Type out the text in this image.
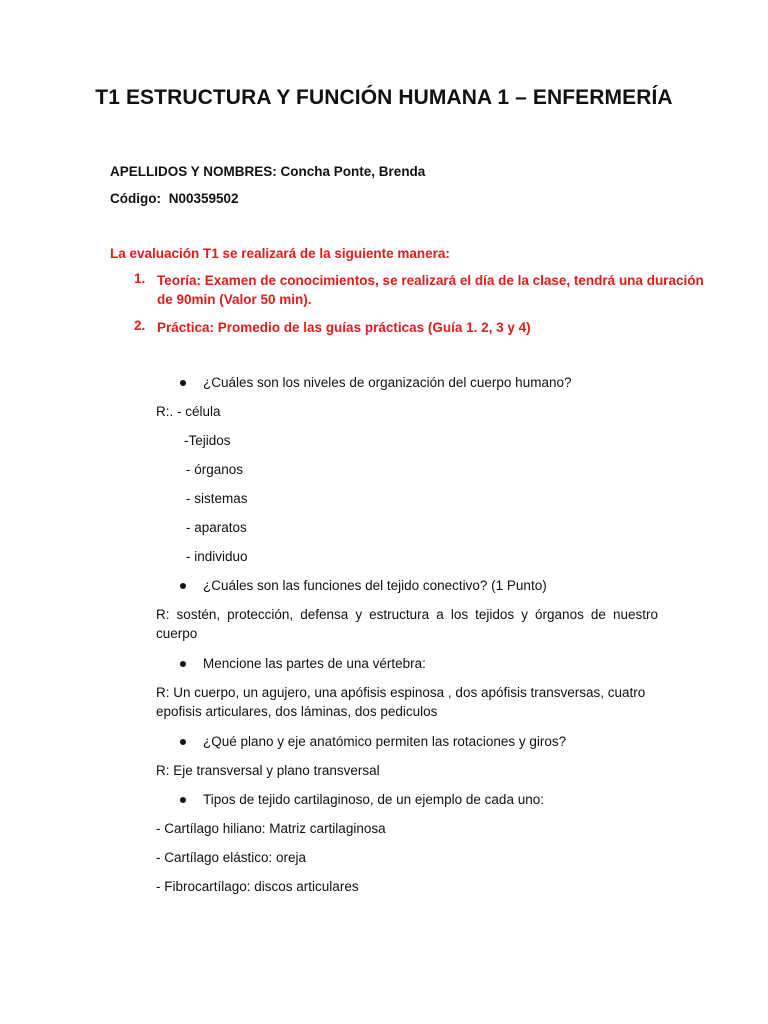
T1 ESTRUCTURA Y FUNCIÓN HUMANA 1 – ENFERMERÍA
APELLIDOS Y NOMBRES: Concha Ponte, Brenda
Código: N00359502
La evaluación T1 se realizará de la siguiente manera:
1. Teoría: Examen de conocimientos, se realizará el día de la clase, tendrá una duración
de 90min (Valor 50 min).
2. Práctica: Promedio de las guías prácticas (Guía 1. 2, 3 y 4)
¿Cuáles son los niveles de organización del cuerpo humano?
R:. - célula
-Tejidos
- órganos
- sistemas
- aparatos
- individuo
¿Cuáles son las funciones del tejido conectivo? (1 Punto)
R: sostén, protección, defensa y estructura a los tejidos y órganos de nuestro
cuerpo
Mencione las partes de una vértebra:
R: Un cuerpo, un agujero, una apófisis espinosa , dos apófisis transversas, cuatro
epofisis articulares, dos láminas, dos pediculos
¿Qué plano y eje anatómico permiten las rotaciones y giros?
R: Eje transversal y plano transversal
Tipos de tejido cartilaginoso, de un ejemplo de cada uno:
- Cartílago hiliano: Matriz cartilaginosa
- Cartílago elástico: oreja
- Fibrocartílago: discos articulares
